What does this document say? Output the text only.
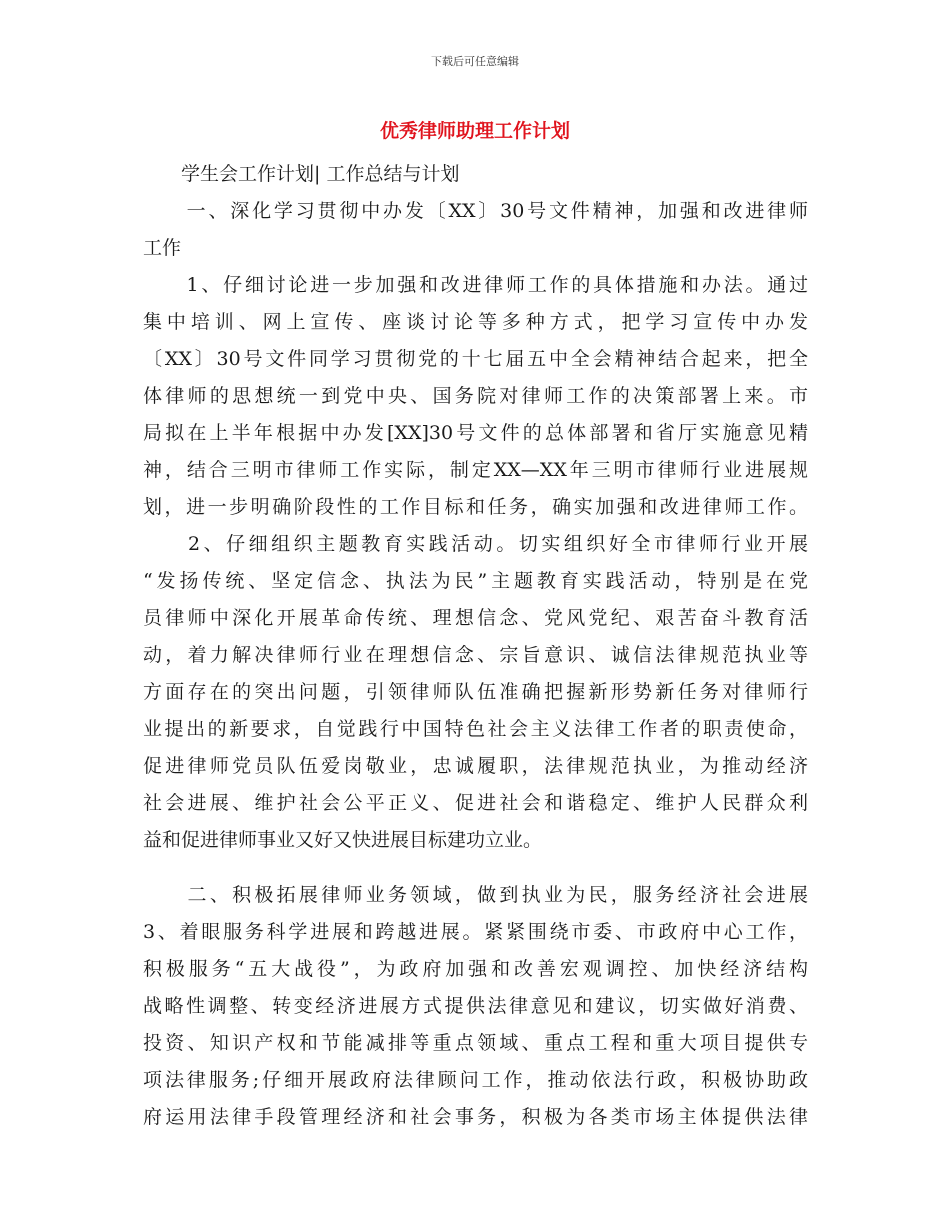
下载后可任意编辑
优秀律师助理工作计划
　　学生会工作计划| 工作总结与计划
　　一、深化学习贯彻中办发〔XX〕30号文件精神，加强和改进律师
工作
　　1、仔细讨论进一步加强和改进律师工作的具体措施和办法。通过
集中培训、网上宣传、座谈讨论等多种方式，把学习宣传中办发
〔XX〕30号文件同学习贯彻党的十七届五中全会精神结合起来，把全
体律师的思想统一到党中央、国务院对律师工作的决策部署上来。市
局拟在上半年根据中办发[XX]30号文件的总体部署和省厅实施意见精
神，结合三明市律师工作实际，制定XX—XX年三明市律师行业进展规
划，进一步明确阶段性的工作目标和任务，确实加强和改进律师工作。
　　2、仔细组织主题教育实践活动。切实组织好全市律师行业开展
“发扬传统、坚定信念、执法为民”主题教育实践活动，特别是在党
员律师中深化开展革命传统、理想信念、党风党纪、艰苦奋斗教育活
动，着力解决律师行业在理想信念、宗旨意识、诚信法律规范执业等
方面存在的突出问题，引领律师队伍准确把握新形势新任务对律师行
业提出的新要求，自觉践行中国特色社会主义法律工作者的职责使命，
促进律师党员队伍爱岗敬业，忠诚履职，法律规范执业，为推动经济
社会进展、维护社会公平正义、促进社会和谐稳定、维护人民群众利
益和促进律师事业又好又快进展目标建功立业。
　　二、积极拓展律师业务领域，做到执业为民，服务经济社会进展
3、着眼服务科学进展和跨越进展。紧紧围绕市委、市政府中心工作，
积极服务“五大战役”，为政府加强和改善宏观调控、加快经济结构
战略性调整、转变经济进展方式提供法律意见和建议，切实做好消费、
投资、知识产权和节能减排等重点领域、重点工程和重大项目提供专
项法律服务;仔细开展政府法律顾问工作，推动依法行政，积极协助政
府运用法律手段管理经济和社会事务，积极为各类市场主体提供法律
